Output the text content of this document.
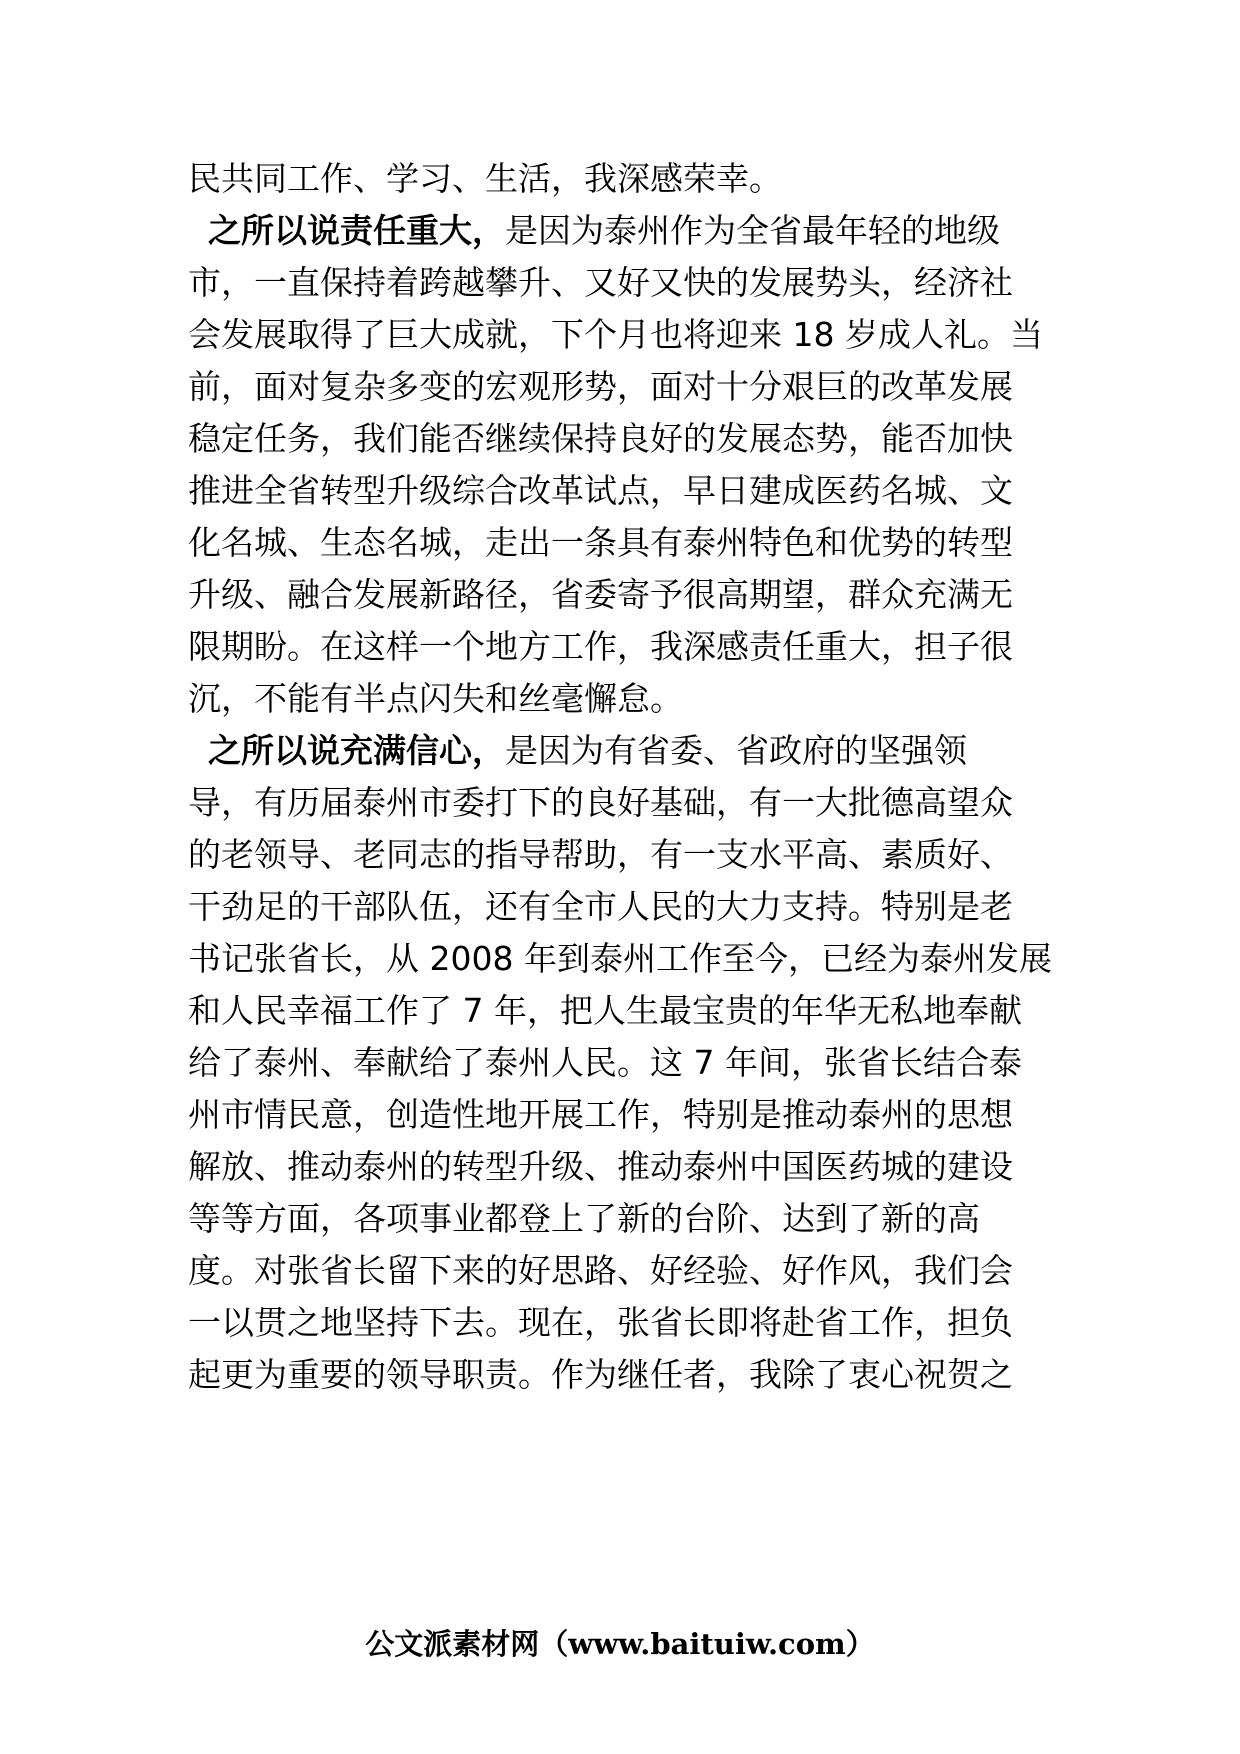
民共同工作、学习、生活，我深感荣幸。
之所以说责任重大，是因为泰州作为全省最年轻的地级
市，一直保持着跨越攀升、又好又快的发展势头，经济社
会发展取得了巨大成就，下个月也将迎来 18 岁成人礼。当
前，面对复杂多变的宏观形势，面对十分艰巨的改革发展
稳定任务，我们能否继续保持良好的发展态势，能否加快
推进全省转型升级综合改革试点，早日建成医药名城、文
化名城、生态名城，走出一条具有泰州特色和优势的转型
升级、融合发展新路径，省委寄予很高期望，群众充满无
限期盼。在这样一个地方工作，我深感责任重大，担子很
沉，不能有半点闪失和丝毫懈怠。
之所以说充满信心，是因为有省委、省政府的坚强领
导，有历届泰州市委打下的良好基础，有一大批德高望众
的老领导、老同志的指导帮助，有一支水平高、素质好、
干劲足的干部队伍，还有全市人民的大力支持。特别是老
书记张省长，从 2008 年到泰州工作至今，已经为泰州发展
和人民幸福工作了 7 年，把人生最宝贵的年华无私地奉献
给了泰州、奉献给了泰州人民。这 7 年间，张省长结合泰
州市情民意，创造性地开展工作，特别是推动泰州的思想
解放、推动泰州的转型升级、推动泰州中国医药城的建设
等等方面，各项事业都登上了新的台阶、达到了新的高
度。对张省长留下来的好思路、好经验、好作风，我们会
一以贯之地坚持下去。现在，张省长即将赴省工作，担负
起更为重要的领导职责。作为继任者，我除了衷心祝贺之
公文派素材网（www.baituiw.com）
